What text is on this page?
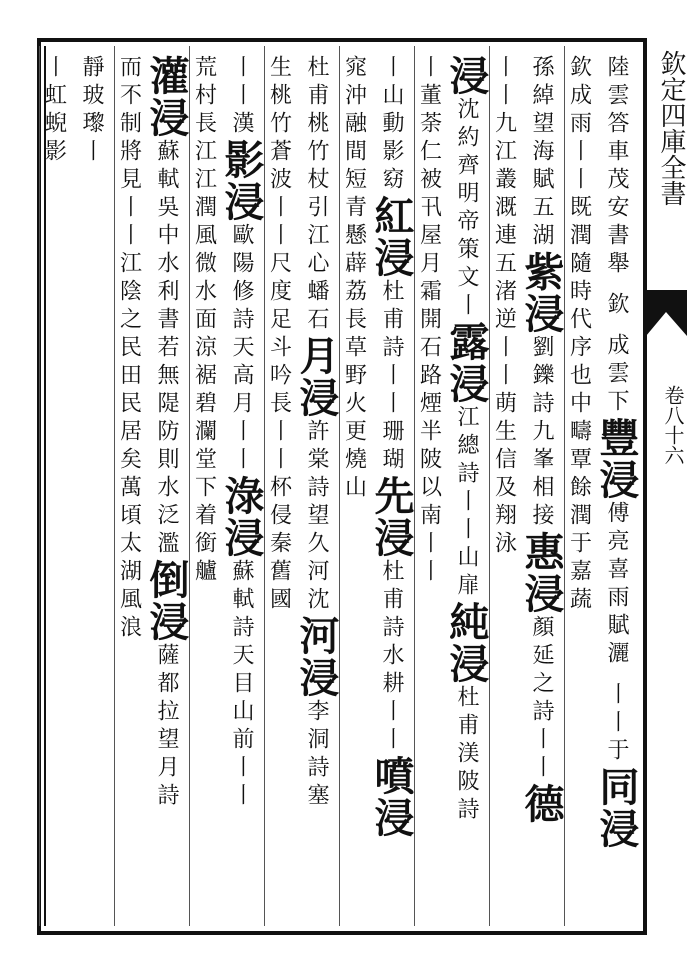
欽定四庫全書
卷八十六
陸雲答車茂安書舉 欽 成雲下豐浸傅亮喜雨賦灑 丨丨于同浸
欽成雨丨丨既潤隨時代序也中疇覃餘潤于嘉蔬
孫綽望海賦五湖紫浸劉鑠詩九峯相接惠浸顏延之詩丨丨德
丨丨九江叢溉連五渚逆丨丨萌生信及翔泳
浸沈約齊明帝策文丨露浸江總詩丨丨山扉純浸杜甫渼陂詩
丨董荼仁被卂屋月霜開石路煙半陂以南丨丨
丨山動影窈紅浸杜甫詩丨丨珊瑚先浸杜甫詩水耕丨丨噴浸
窕沖融間短青懸薜荔長草野火更燒山
杜甫桃竹杖引江心蟠石月浸許棠詩望久河沈河浸李洞詩塞
生桃竹蒼波丨丨尺度足斗吟長丨丨杯侵秦舊國
丨丨漢影浸歐陽修詩天高月丨丨淥浸蘇軾詩天目山前丨丨
荒村長江江潤風微水面涼裾碧瀾堂下着銜艫
灌浸蘇軾吳中水利書若無隄防則水泛濫倒浸薩都拉望月詩
而不制將見丨丨江陰之民田民居矣萬頃太湖風浪
靜玻瓈丨
丨虹蜺影
